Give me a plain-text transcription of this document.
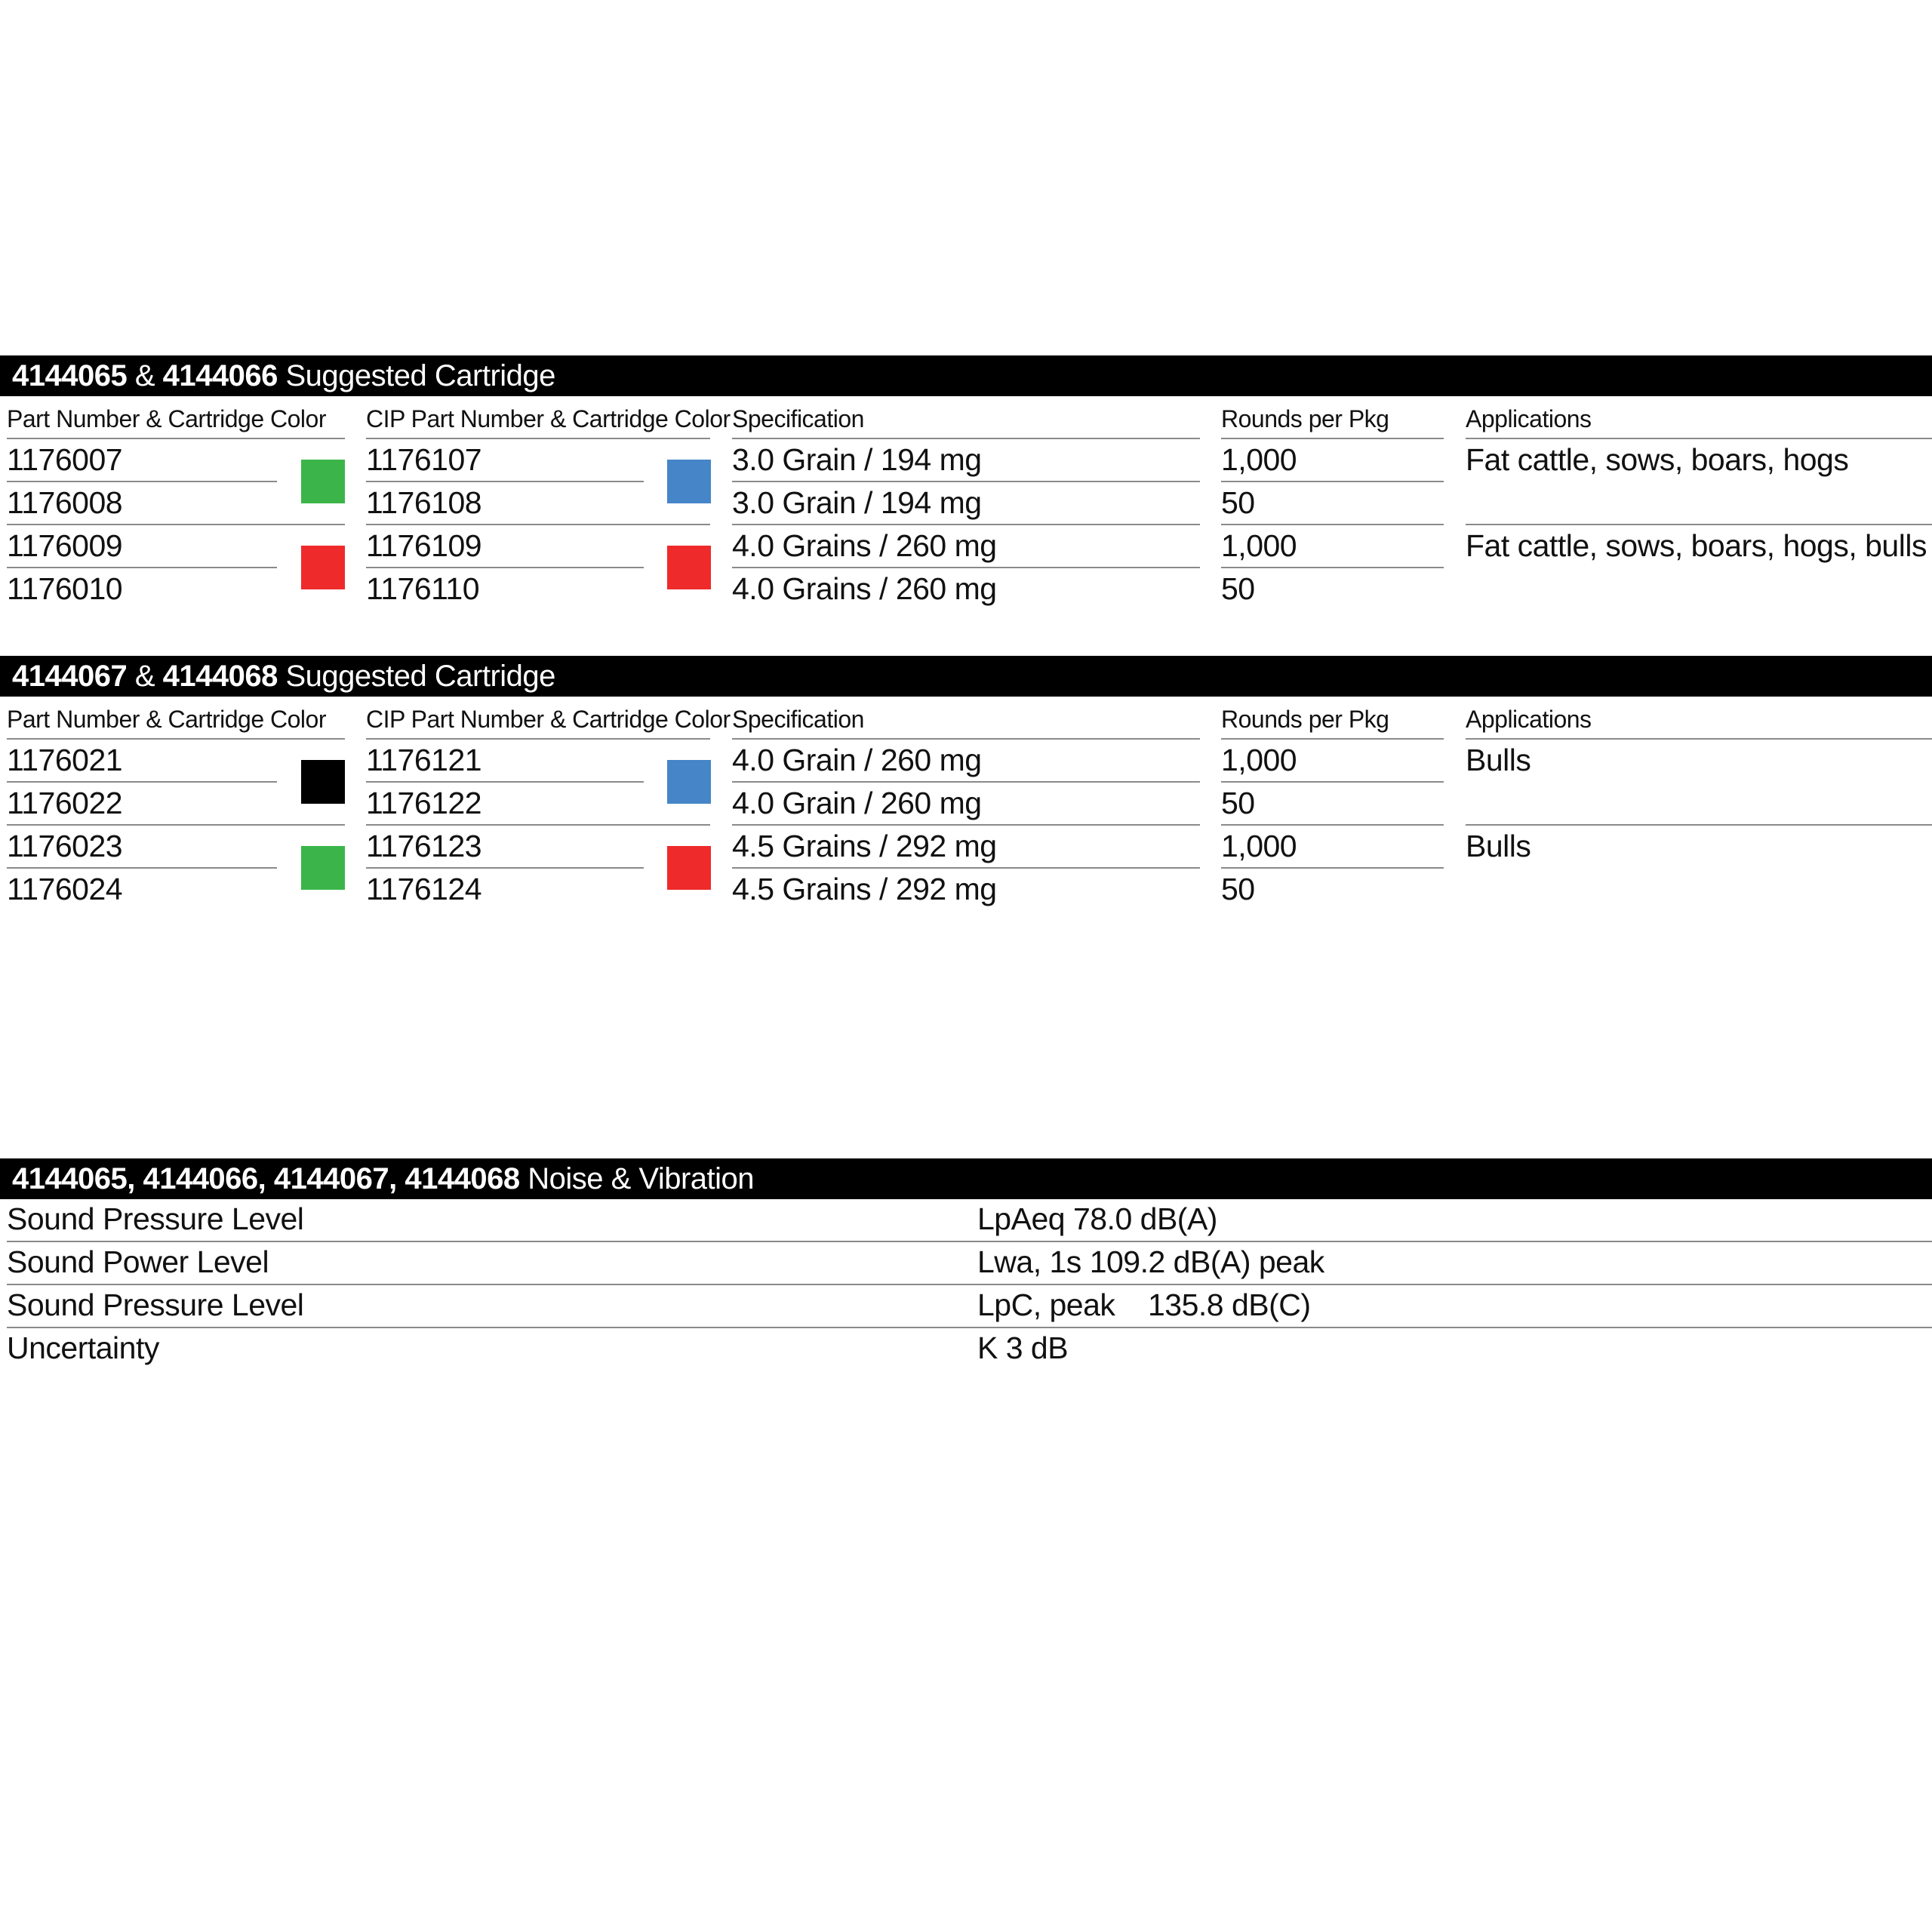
4144065 & 4144066 Suggested Cartridge
Part Number & Cartridge Color CIP Part Number & Cartridge Color Specification	Rounds per Pkg	Applications
1176007	1176107	3.0 Grain / 194 mg	1,000	Fat cattle, sows, boars, hogs
1176008	1176108	3.0 Grain / 194 mg	50
1176009	1176109	4.0 Grains / 260 mg	1,000	Fat cattle, sows, boars, hogs, bulls
1176010	1176110	4.0 Grains / 260 mg	50
4144067 & 4144068 Suggested Cartridge
Part Number & Cartridge Color CIP Part Number & Cartridge Color Specification	Rounds per Pkg	Applications
1176021	1176121	4.0 Grain / 260 mg	1,000	Bulls
1176022	1176122	4.0 Grain / 260 mg	50
1176023	1176123	4.5 Grains / 292 mg	1,000	Bulls
1176024	1176124	4.5 Grains / 292 mg	50
4144065, 4144066, 4144067, 4144068 Noise & Vibration
Sound Pressure Level	LpAeq 78.0 dB(A)
Sound Power Level	Lwa, 1s 109.2 dB(A) peak
Sound Pressure Level	LpC, peak    135.8 dB(C)
Uncertainty	K 3 dB
